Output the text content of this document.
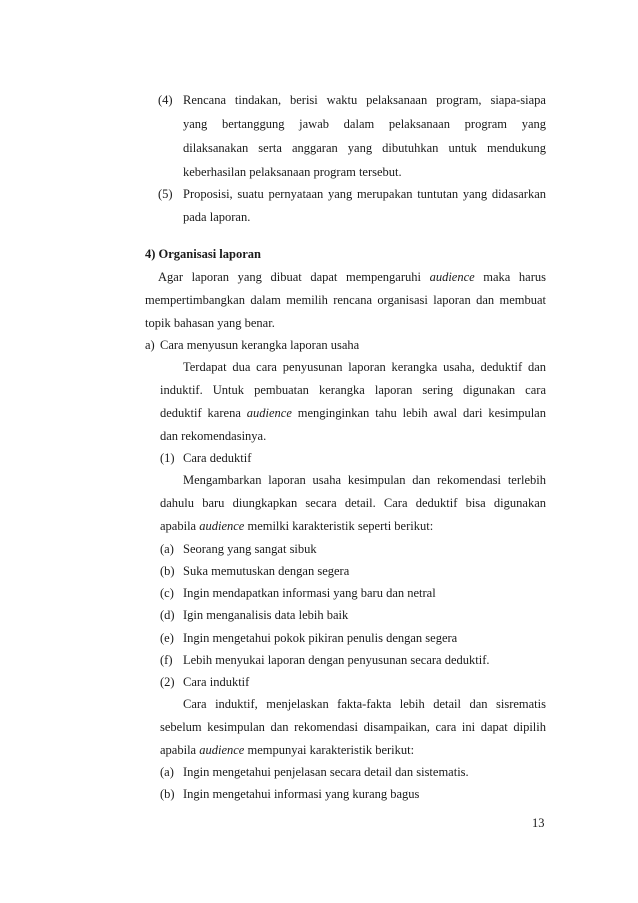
(4) Rencana tindakan, berisi waktu pelaksanaan program, siapa-siapa
yang bertanggung jawab dalam pelaksanaan program yang
dilaksanakan serta anggaran yang dibutuhkan untuk mendukung
keberhasilan pelaksanaan program tersebut.
(5) Proposisi, suatu pernyataan yang merupakan tuntutan yang didasarkan
pada laporan.
4) Organisasi laporan
Agar laporan yang dibuat dapat mempengaruhi audience maka harus
mempertimbangkan dalam memilih rencana organisasi laporan dan membuat
topik bahasan yang benar.
a) Cara menyusun kerangka laporan usaha
Terdapat dua cara penyusunan laporan kerangka usaha, deduktif dan
induktif. Untuk pembuatan kerangka laporan sering digunakan cara
deduktif karena audience menginginkan tahu lebih awal dari kesimpulan
dan rekomendasinya.
(1) Cara deduktif
Mengambarkan laporan usaha kesimpulan dan rekomendasi terlebih
dahulu baru diungkapkan secara detail. Cara deduktif bisa digunakan
apabila audience memilki karakteristik seperti berikut:
(a) Seorang yang sangat sibuk
(b) Suka memutuskan dengan segera
(c) Ingin mendapatkan informasi yang baru dan netral
(d) Igin menganalisis data lebih baik
(e) Ingin mengetahui pokok pikiran penulis dengan segera
(f) Lebih menyukai laporan dengan penyusunan secara deduktif.
(2) Cara induktif
Cara induktif, menjelaskan fakta-fakta lebih detail dan sisrematis
sebelum kesimpulan dan rekomendasi disampaikan, cara ini dapat dipilih
apabila audience mempunyai karakteristik berikut:
(a) Ingin mengetahui penjelasan secara detail dan sistematis.
(b) Ingin mengetahui informasi yang kurang bagus
13
